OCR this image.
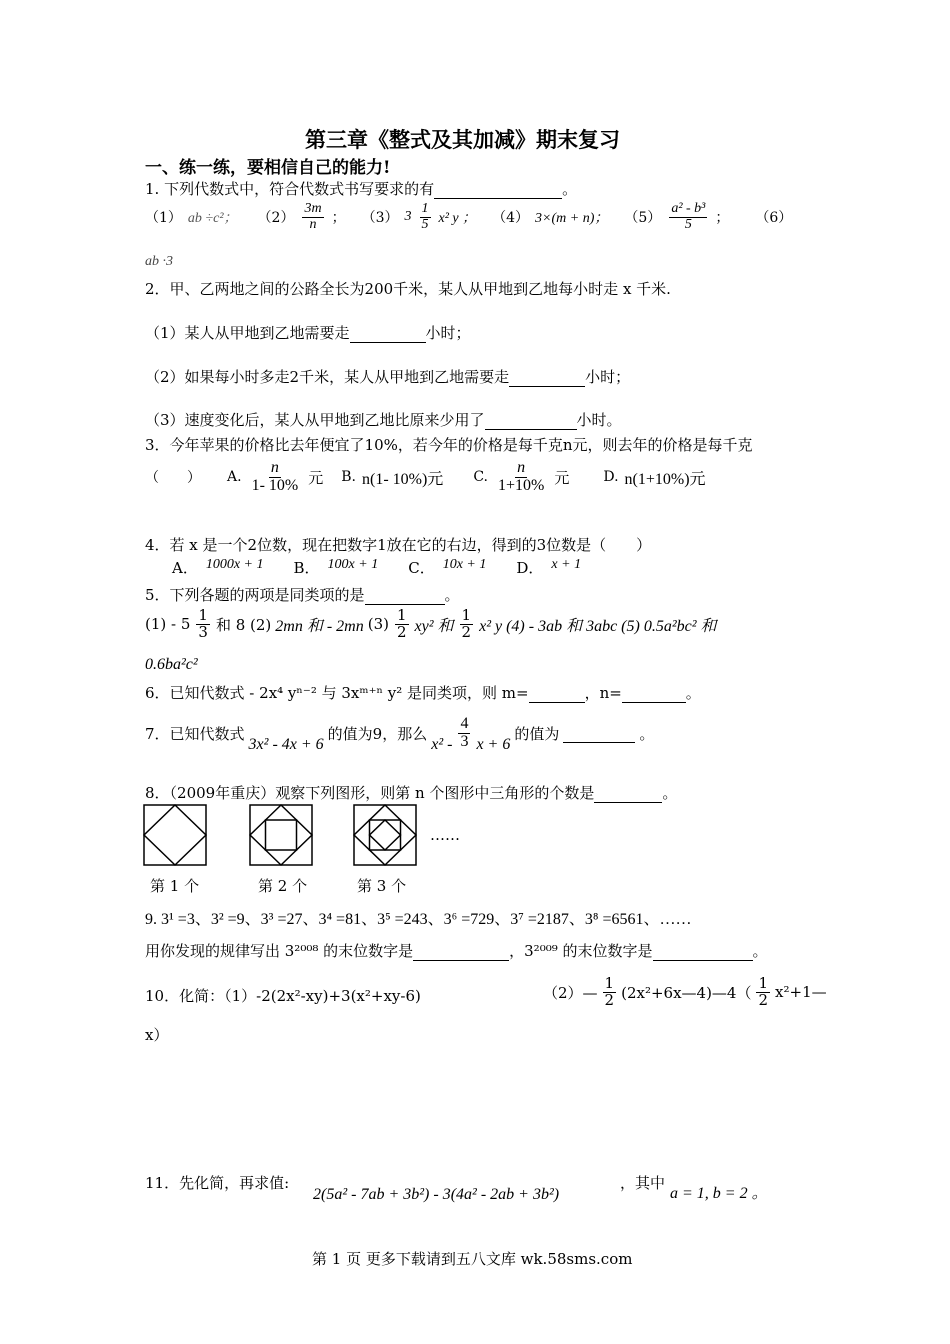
第三章《整式及其加减》期末复习
一、练一练，要相信自己的能力!
1. 下列代数式中，符合代数式书写要求的有	。
（1） ab ÷c²； $(2) \frac{3m}{n}$ ； （3） $3 \frac{1}{5} x^2$ y ； （4） 3×(m + n)； $(5) \frac{\text{a² - b³}}{5}$ ； （6）
ab ·3
2．甲、乙两地之间的公路全长为200千米，某人从甲地到乙地每小时走 x 千米.
（1）某人从甲地到乙地需要走	小时；
（2）如果每小时多走2千米，某人从甲地到乙地需要走	小时；
（3）速度变化后，某人从甲地到乙地比原来少用了	小时。
3．今年苹果的价格比去年便宜了10%，若今年的价格是每千克n元，则去年的价格是每千克
（　　） A. $\frac{n}{1- 10\%}$ 元 B. n(1- 10%)元 C. $\frac{n}{1+10\%}$ 元 D. n(1+10%)元
4．若 x 是一个2位数，现在把数字1放在它的右边，得到的3位数是（　　）
A． 1000x + 1 B． 100x + 1 C． 10x + 1 D． x + 1
5．下列各题的两项是同类项的是	。
$(1) - 5 \frac{1}{3}$ 和 8 (2) 2mn 和 - 2mn $(3) \frac{1}{2} xy^2$ 和 $\frac{1}{2} x^2$ y (4) - 3ab 和 3abc (5) 0.5a²bc² 和
0.6ba²c²
6．已知代数式 - 2x⁴ yⁿ⁻² 与 3xᵐ⁺ⁿ y² 是同类项，则 m=	，n=	。
7．已知代数式
3x² - 4x + 6
的值为9，那么
$x^2 - \frac{4}{3}$ x + 6
的值为
	。
8．（2009年重庆）观察下列图形，则第 n 个图形中三角形的个数是	。
……
第 1 个	第 2 个	第 3 个
9. 3¹ =3、3² =9、3³ =27、3⁴ =81、3⁵ =243、3⁶ =729、3⁷ =2187、3⁸ =6561、……
用你发现的规律写出 3²⁰⁰⁸ 的末位数字是	，3²⁰⁰⁹ 的末位数字是	。
10．化简：（1）-2(2x²-xy)+3(x²+xy-6)	（2）— $\frac{1}{2}$ (2x²+6x—4)—4（ $\frac{1}{2}$ x²+1—
x）
11．先化简，再求值:
2(5a² - 7ab + 3b²) - 3(4a² - 2ab + 3b²)
，其中
a = 1, b = 2 。
第 1 页 更多下载请到五八文库 wk.58sms.com
